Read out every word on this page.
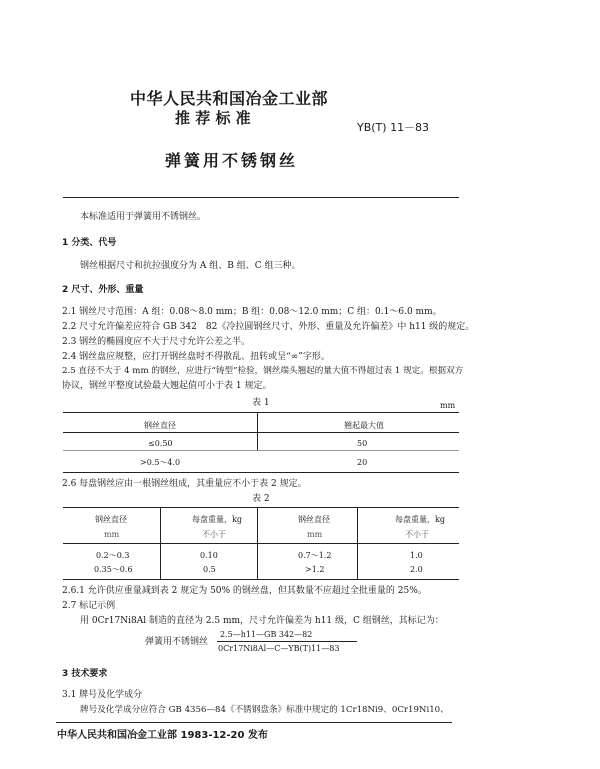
中华人民共和国冶金工业部
推 荐 标 准
YB(T) 11－83
弹簧用不锈钢丝
本标准适用于弹簧用不锈钢丝。
1 分类、代号
钢丝根据尺寸和抗拉强度分为 A 组、B 组、C 组三种。
2 尺寸、外形、重量
2.1 钢丝尺寸范围：A 组：0.08～8.0 mm；B 组：0.08～12.0 mm；C 组：0.1～6.0 mm。
2.2 尺寸允许偏差应符合 GB 342　82《冷拉圆钢丝尺寸、外形、重量及允许偏差》中 h11 级的规定。
2.3 钢丝的椭圆度应不大于尺寸允许公差之半。
2.4 钢丝盘应规整，应打开钢丝盘时不得散乱、扭转或呈“∞”字形。
2.5 直径不大于 4 mm 的钢丝，应进行“铸型”检验，钢丝端头翘起的量大值不得超过表 1 规定。根据双方
协议，钢丝平整度试验最大翘起值可小于表 1 规定。
表 1	mm
钢丝直径	翘起最大值
≤0.50	50
>0.5～4.0	20
2.6 每盘钢丝应由一根钢丝组成，其重量应不小于表 2 规定。
表 2
钢丝直径	每盘重量，kg	钢丝直径	每盘重量，kg
mm	不小于	mm	不小于
0.2～0.3	0.10	0.7～1.2	1.0
0.35～0.6	0.5	>1.2	2.0
2.6.1 允许供应重量减到表 2 规定为 50% 的钢丝盘，但其数量不应超过全批重量的 25%。
2.7 标记示例
用 0Cr17Ni8Al 制造的直径为 2.5 mm，尺寸允许偏差为 h11 级，C 组钢丝，其标记为：
弹簧用不锈钢丝
2.5—h11—GB 342—82
0Cr17Ni8Al—C—YB(T)11—83
3 技术要求
3.1 牌号及化学成分
牌号及化学成分应符合 GB 4356—84《不锈钢盘条》标准中规定的 1Cr18Ni9、0Cr19Ni10、
中华人民共和国冶金工业部 1983-12-20 发布
